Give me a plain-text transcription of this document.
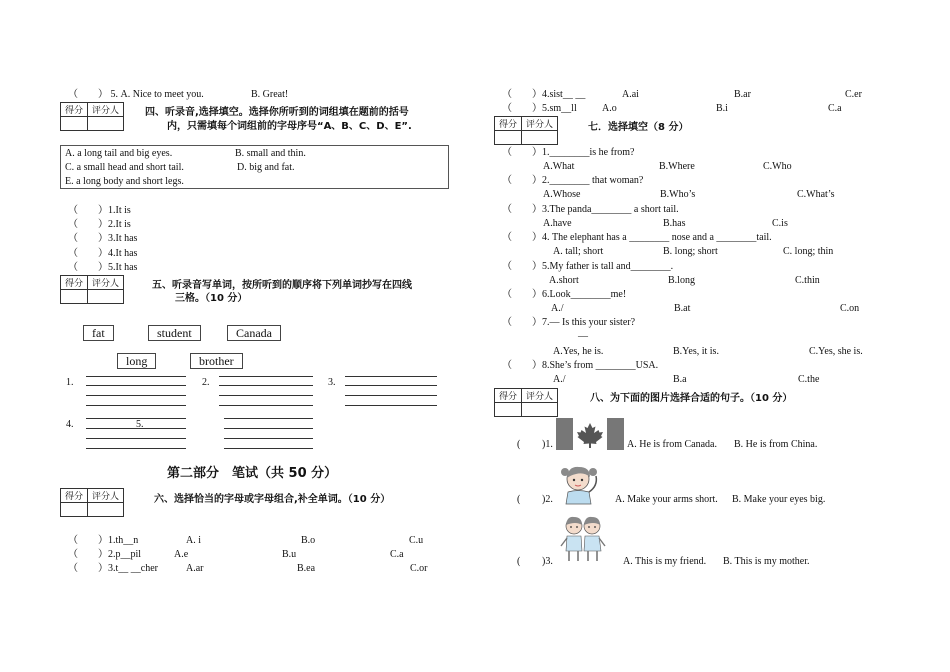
（　　） 5. A. Nice to meet you.	B. Great!
得分	评分人
		四、听录音,选择填空。选择你所听到的词组填在题前的括号
内，只需填每个词组前的字母序号“A、B、C、D、E”.
A. a long tail and big eyes.	B. small and thin.
C. a small head and short tail.	D. big and fat.
E. a long body and short legs.
（　　）1.It is
（　　）2.It is
（　　）3.It has
（　　）4.It has
（　　）5.It has
得分	评分人
		五、听录音写单词，按所听到的顺序将下列单词抄写在四线
三格。（10 分）
fat	student	Canada
long	brother
1.	2.	3.
4.	5.
第二部分　笔试（共 50 分）
得分	评分人
		六、选择恰当的字母或字母组合,补全单词。（10 分）
（　　）1.th__n	A. i	B.o	C.u
（　　）2.p__pil	A.e	B.u	C.a
（　　）3.t__ __cher	A.ar	B.ea	C.or
（　　）4.sist__ __	A.ai	B.ar	C.er
（　　）5.sm__ll	A.o	B.i	C.a
得分	评分人
		七．选择填空（8 分）
（　　）1.________is he from?
A.What	B.Where	C.Who
（　　）2.________ that woman?
A.Whose	B.Who’s	C.What’s
（　　）3.The panda________ a short tail.
A.have	B.has	C.is
（　　）4. The elephant has a ________ nose and a ________tail.
A. tall; short	B. long; short	C. long; thin
（　　）5.My father is tall and________.
A.short	B.long	C.thin
（　　）6.Look________me!
A./	B.at	C.on
（　　）7.— Is this your sister?
—
A.Yes, he is.	B.Yes, it is.	C.Yes, she is.
（　　）8.She’s from ________USA.
A./	B.a	C.the
得分	评分人
		八、为下面的图片选择合适的句子。（10 分）
( )1.	A. He is from Canada. B. He is from China.
( )2.	A. Make your arms short. B. Make your eyes big.
( )3.	A. This is my friend. B. This is my mother.
